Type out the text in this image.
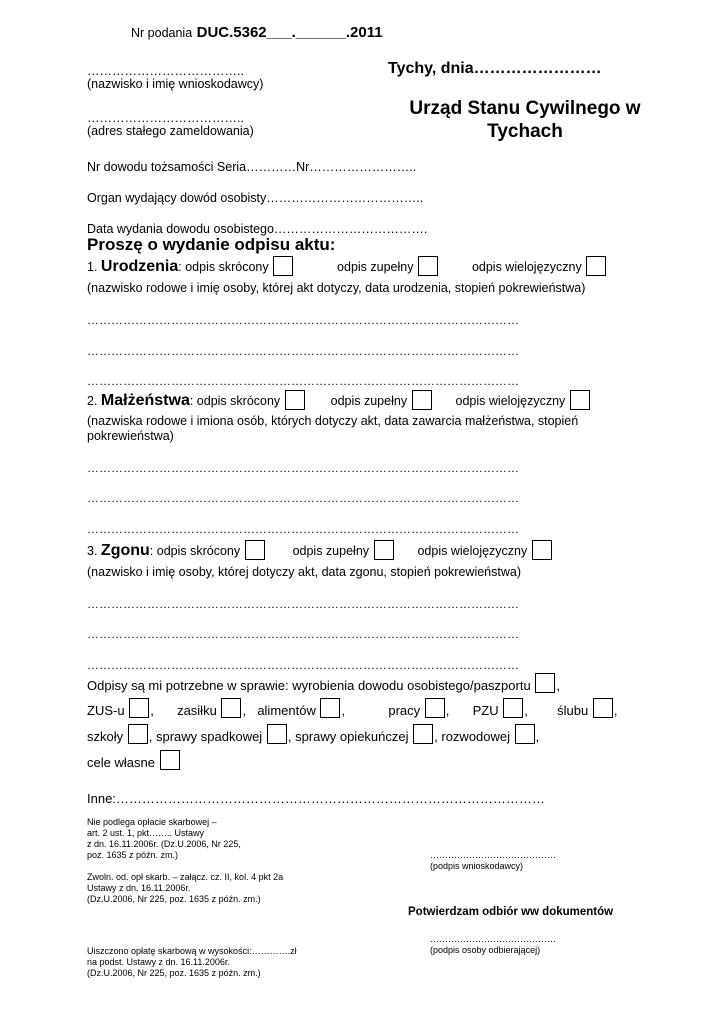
Nr podania DUC.5362___.______.2011
………………………………..
(nazwisko i imię wnioskodawcy)
Tychy, dnia……………………
………………………………..
(adres stałego zameldowania)
Urząd Stanu Cywilnego w
Tychach
Nr dowodu tożsamości Seria…………Nr……………………..
Organ wydający dowód osobisty………………………………..
Data wydania dowodu osobistego……………………………….
Proszę o wydanie odpisu aktu:
1. Urodzenia: odpis skrócony	odpis zupełny	odpis wielojęzyczny
(nazwisko rodowe i imię osoby, której akt dotyczy, data urodzenia, stopień pokrewieństwa)
………………………………………………………………………………………………
………………………………………………………………………………………………
………………………………………………………………………………………………
2. Małżeństwa: odpis skrócony	odpis zupełny	odpis wielojęzyczny
(nazwiska rodowe i imiona osób, których dotyczy akt, data zawarcia małżeństwa, stopień pokrewieństwa)
………………………………………………………………………………………………
………………………………………………………………………………………………
………………………………………………………………………………………………
3. Zgonu: odpis skrócony	odpis zupełny	odpis wielojęzyczny
(nazwisko i imię osoby, której dotyczy akt, data zgonu, stopień pokrewieństwa)
………………………………………………………………………………………………
………………………………………………………………………………………………
………………………………………………………………………………………………
Odpisy są mi potrzebne w sprawie: wyrobienia dowodu osobistego/paszportu ,
ZUS-u , zasiłku , alimentów ,	pracy , PZU , ślubu ,
szkoły , sprawy spadkowej , sprawy opiekuńczej , rozwodowej ,
cele własne
Inne:………………………………………………………………………………………
Nie podlega opłacie skarbowej –
art. 2 ust. 1, pkt…….. Ustawy
z dn. 16.11.2006r. (Dz.U.2006, Nr 225,
poz. 1635 z późn. zm.)
Zwoln. od. opł skarb. – załącz. cz. II, kol. 4 pkt 2a
Ustawy z dn. 16.11.2006r.
(Dz.U.2006, Nr 225, poz. 1635 z późn. zm.)
Uiszczono opłatę skarbową w wysokości:………….zł
na podst. Ustawy z dn. 16.11.2006r.
(Dz.U.2006, Nr 225, poz. 1635 z późn. zm.)
……………………………………
(podpis wnioskodawcy)
Potwierdzam odbiór ww dokumentów
……………………………………
(podpis osoby odbierającej)
